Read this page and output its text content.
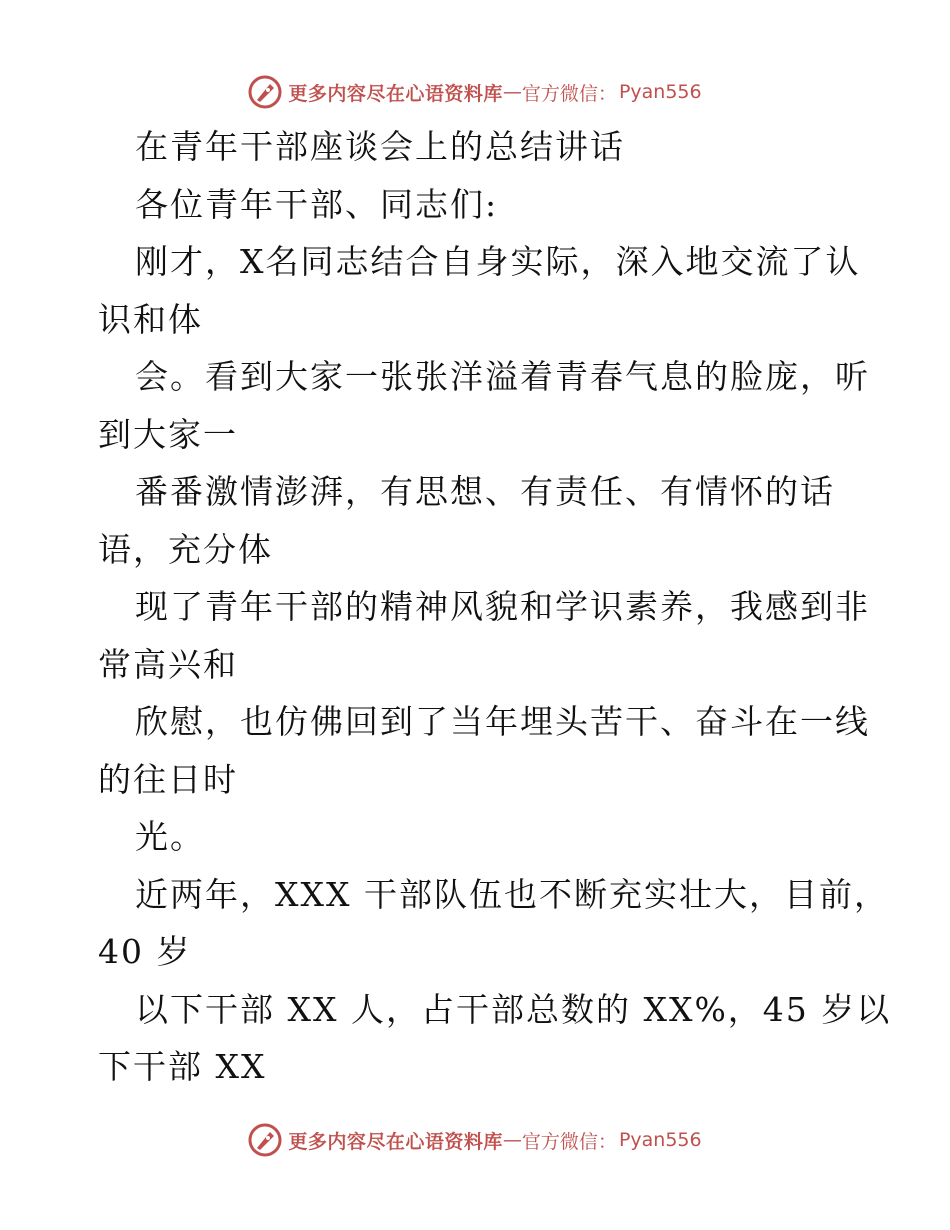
更多内容尽在心语资料库 — 官方微信： Pyan556
在青年干部座谈会上的总结讲话
各位青年干部、同志们:
刚才，X名同志结合自身实际，深入地交流了认
识和体
会。看到大家一张张洋溢着青春气息的脸庞，听
到大家一
番番激情澎湃，有思想、有责任、有情怀的话
语，充分体
现了青年干部的精神风貌和学识素养，我感到非
常高兴和
欣慰，也仿佛回到了当年埋头苦干、奋斗在一线
的往日时
光。
近两年，XXX 干部队伍也不断充实壮大，目前，
40 岁
以下干部 XX 人，占干部总数的 XX%，45 岁以
下干部 XX
更多内容尽在心语资料库 — 官方微信： Pyan556
